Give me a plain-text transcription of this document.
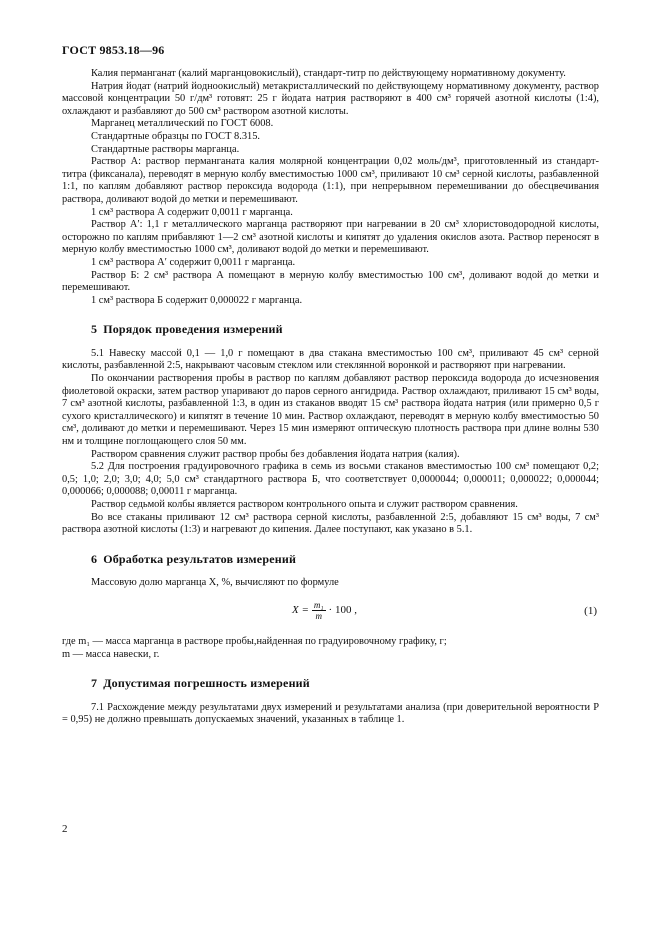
ГОСТ 9853.18—96

Калия перманганат (калий марганцовокислый), стандарт-титр по действующему нормативному документу.

Натрия йодат (натрий йодноокислый) метакристаллический по действующему нормативному документу, раствор массовой концентрации 50 г/дм³ готовят: 25 г йодата натрия растворяют в 400 см³ горячей азотной кислоты (1:4), охлаждают и разбавляют до 500 см³ раствором азотной кислоты.

Марганец металлический по ГОСТ 6008.

Стандартные образцы по ГОСТ 8.315.

Стандартные растворы марганца.

Раствор А: раствор перманганата калия молярной концентрации 0,02 моль/дм³, приготовленный из стандарт-титра (фиксанала), переводят в мерную колбу вместимостью 1000 см³, приливают 10 см³ серной кислоты, разбавленной 1:1, по каплям добавляют раствор пероксида водорода (1:1), при непрерывном перемешивании до обесцвечивания раствора, доливают водой до метки и перемешивают.

1 см³ раствора А содержит 0,0011 г марганца.

Раствор А′: 1,1 г металлического марганца растворяют при нагревании в 20 см³ хлористоводородной кислоты, осторожно по каплям прибавляют 1—2 см³ азотной кислоты и кипятят до удаления окислов азота. Раствор переносят в мерную колбу вместимостью 1000 см³, доливают водой до метки и перемешивают.

1 см³ раствора А′ содержит 0,0011 г марганца.

Раствор Б: 2 см³ раствора А помещают в мерную колбу вместимостью 100 см³, доливают водой до метки и перемешивают.

1 см³ раствора Б содержит 0,000022 г марганца.

5 Порядок проведения измерений

5.1 Навеску массой 0,1 — 1,0 г помещают в два стакана вместимостью 100 см³, приливают 45 см³ серной кислоты, разбавленной 2:5, накрывают часовым стеклом или стеклянной воронкой и растворяют при нагревании.

По окончании растворения пробы в раствор по каплям добавляют раствор пероксида водорода до исчезновения фиолетовой окраски, затем раствор упаривают до паров серного ангидрида. Раствор охлаждают, приливают 15 см³ воды, 7 см³ азотной кислоты, разбавленной 1:3, в один из стаканов вводят 15 см³ раствора йодата натрия (или примерно 0,5 г сухого кристаллического) и кипятят в течение 10 мин. Раствор охлаждают, переводят в мерную колбу вместимостью 50 см³, доливают до метки и перемешивают. Через 15 мин измеряют оптическую плотность раствора при длине волны 530 нм и толщине поглощающего слоя 50 мм.

Раствором сравнения служит раствор пробы без добавления йодата натрия (калия).

5.2 Для построения градуировочного графика в семь из восьми стаканов вместимостью 100 см³ помещают 0,2; 0,5; 1,0; 2,0; 3,0; 4,0; 5,0 см³ стандартного раствора Б, что соответствует 0,0000044; 0,000011; 0,000022; 0,000044; 0,000066; 0,000088; 0,00011 г марганца.

Раствор седьмой колбы является раствором контрольного опыта и служит раствором сравнения.

Во все стаканы приливают 12 см³ раствора серной кислоты, разбавленной 2:5, добавляют 15 см³ воды, 7 см³ раствора азотной кислоты (1:3) и нагревают до кипения. Далее поступают, как указано в 5.1.

6 Обработка результатов измерений

Массовую долю марганца X, %, вычисляют по формуле

$X = \frac{\text{m₁}}{m} \cdot 100$ ,	(1)

где m₁ — масса марганца в растворе пробы,найденная по градуировочному графику, г;

m — масса навески, г.

7 Допустимая погрешность измерений

7.1 Расхождение между результатами двух измерений и результатами анализа (при доверительной вероятности P = 0,95) не должно превышать допускаемых значений, указанных в таблице 1.

2
